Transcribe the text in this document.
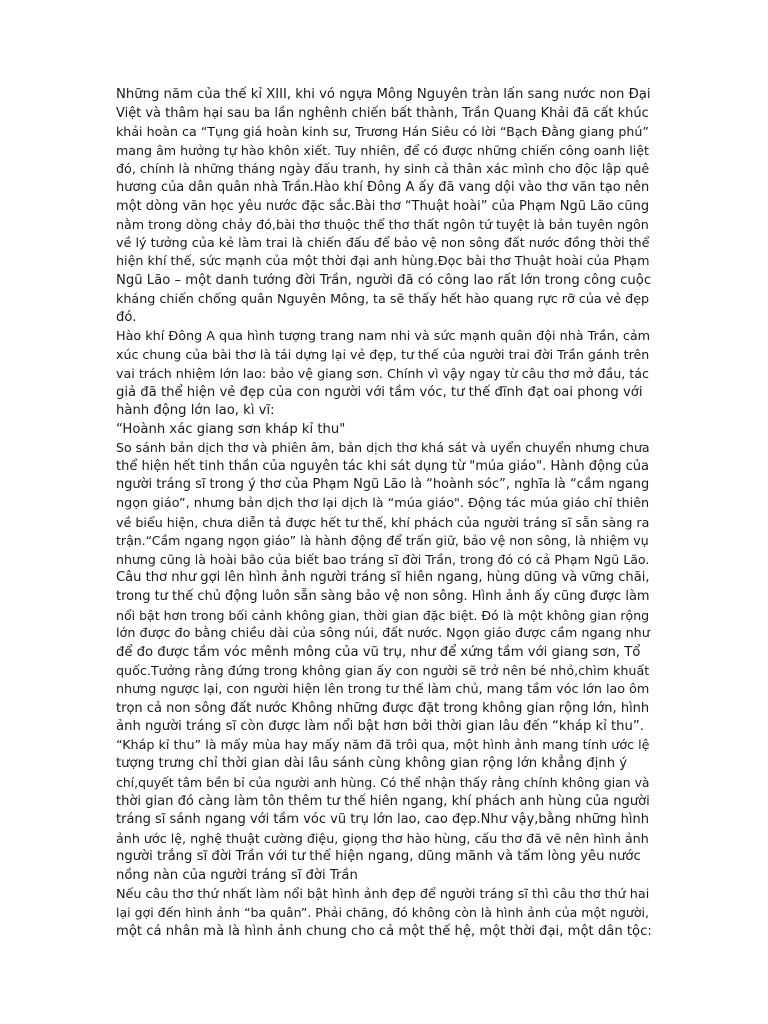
Những năm của thế kỉ XIII, khi vó ngựa Mông Nguyên tràn lấn sang nước non Đại
Việt và thâm hại sau ba lần nghênh chiến bất thành, Trần Quang Khải đã cất khúc
khải hoàn ca “Tụng giá hoàn kinh sư, Trương Hán Siêu có lời “Bạch Đằng giang phú”
mang âm hưởng tự hào khôn xiết. Tuy nhiên, để có được những chiến công oanh liệt
đó, chính là những tháng ngày đấu tranh, hy sinh cả thân xác mình cho độc lập quê
hương của dân quân nhà Trần.Hào khí Đông A ấy đã vang dội vào thơ văn tạo nên
một dòng văn học yêu nước đặc sắc.Bài thơ “Thuật hoài” của Phạm Ngũ Lão cũng
nằm trong dòng chảy đó,bài thơ thuộc thể thơ thất ngôn tứ tuyệt là bản tuyên ngôn
về lý tưởng của kẻ làm trai là chiến đấu để bảo vệ non sông đất nước đồng thời thể
hiện khí thế, sức mạnh của một thời đại anh hùng.Đọc bài thơ Thuật hoài của Phạm
Ngũ Lão – một danh tướng đời Trần, người đã có công lao rất lớn trong công cuộc
kháng chiến chống quân Nguyên Mông, ta sẽ thấy hết hào quang rực rỡ của vẻ đẹp
đó.
Hào khí Đông A qua hình tượng trang nam nhi và sức mạnh quân đội nhà Trần, cảm
xúc chung của bài thơ là tái dựng lại vẻ đẹp, tư thế của người trai đời Trần gánh trên
vai trách nhiệm lớn lao: bảo vệ giang sơn. Chính vì vậy ngay từ câu thơ mở đầu, tác
giả đã thể hiện vẻ đẹp của con người với tầm vóc, tư thế đĩnh đạt oai phong với
hành động lớn lao, kì vĩ:
“Hoành xác giang sơn kháp kỉ thu"
So sánh bản dịch thơ và phiên âm, bản dịch thơ khá sát và uyển chuyển nhưng chưa
thể hiện hết tinh thần của nguyên tác khi sát dụng từ "múa giáo". Hành động của
người tráng sĩ trong ý thơ của Phạm Ngũ Lão là “hoành sóc”, nghĩa là “cầm ngang
ngọn giáo”, nhưng bản dịch thơ lại dịch là “múa giáo". Động tác múa giáo chỉ thiên
về biểu hiện, chưa diễn tả được hết tư thế, khí phách của người tráng sĩ sẵn sàng ra
trận.“Cầm ngang ngọn giáo” là hành động để trấn giữ, bảo vệ non sông, là nhiệm vụ
nhưng cũng là hoài bão của biết bao tráng sĩ đời Trần, trong đó có cả Phạm Ngũ Lão.
Câu thơ như gợi lên hình ảnh người tráng sĩ hiên ngang, hùng dũng và vững chãi,
trong tư thế chủ động luôn sẵn sàng bảo vệ non sông. Hình ảnh ấy cũng được làm
nổi bật hơn trong bối cảnh không gian, thời gian đặc biệt. Đó là một không gian rộng
lớn được đo bằng chiều dài của sông núi, đất nước. Ngọn giáo được cầm ngang như
để đo được tầm vóc mênh mông của vũ trụ, như để xứng tầm với giang sơn, Tổ
quốc.Tưởng rằng đứng trong không gian ấy con người sẽ trở nên bé nhỏ,chìm khuất
nhưng ngược lại, con người hiện lên trong tư thế làm chủ, mang tầm vóc lớn lao ôm
trọn cả non sông đất nước Không những được đặt trong không gian rộng lớn, hình
ảnh người tráng sĩ còn được làm nổi bật hơn bởi thời gian lâu đến “kháp kỉ thu”.
“Kháp kỉ thu” là mấy mùa hay mấy năm đã trôi qua, một hình ảnh mang tính ước lệ
tượng trưng chỉ thời gian dài lâu sánh cùng không gian rộng lớn khẳng định ý
chí,quyết tâm bền bỉ của người anh hùng. Có thể nhận thấy rằng chính không gian và
thời gian đó càng làm tôn thêm tư thế hiên ngang, khí phách anh hùng của người
tráng sĩ sánh ngang với tầm vóc vũ trụ lớn lao, cao đẹp.Như vậy,bằng những hình
ảnh ước lệ, nghệ thuật cường điệu, giọng thơ hào hùng, cấu thơ đã vẽ nên hình ảnh
người trắng sĩ đời Trần với tư thế hiện ngang, dũng mãnh và tấm lòng yêu nước
nồng nàn của người tráng sĩ đời Trần
Nếu câu thơ thứ nhất làm nổi bật hình ảnh đẹp để người tráng sĩ thì câu thơ thứ hai
lại gợi đến hình ảnh “ba quân”. Phải chăng, đó không còn là hình ảnh của một người,
một cá nhân mà là hình ảnh chung cho cả một thế hệ, một thời đại, một dân tộc:
